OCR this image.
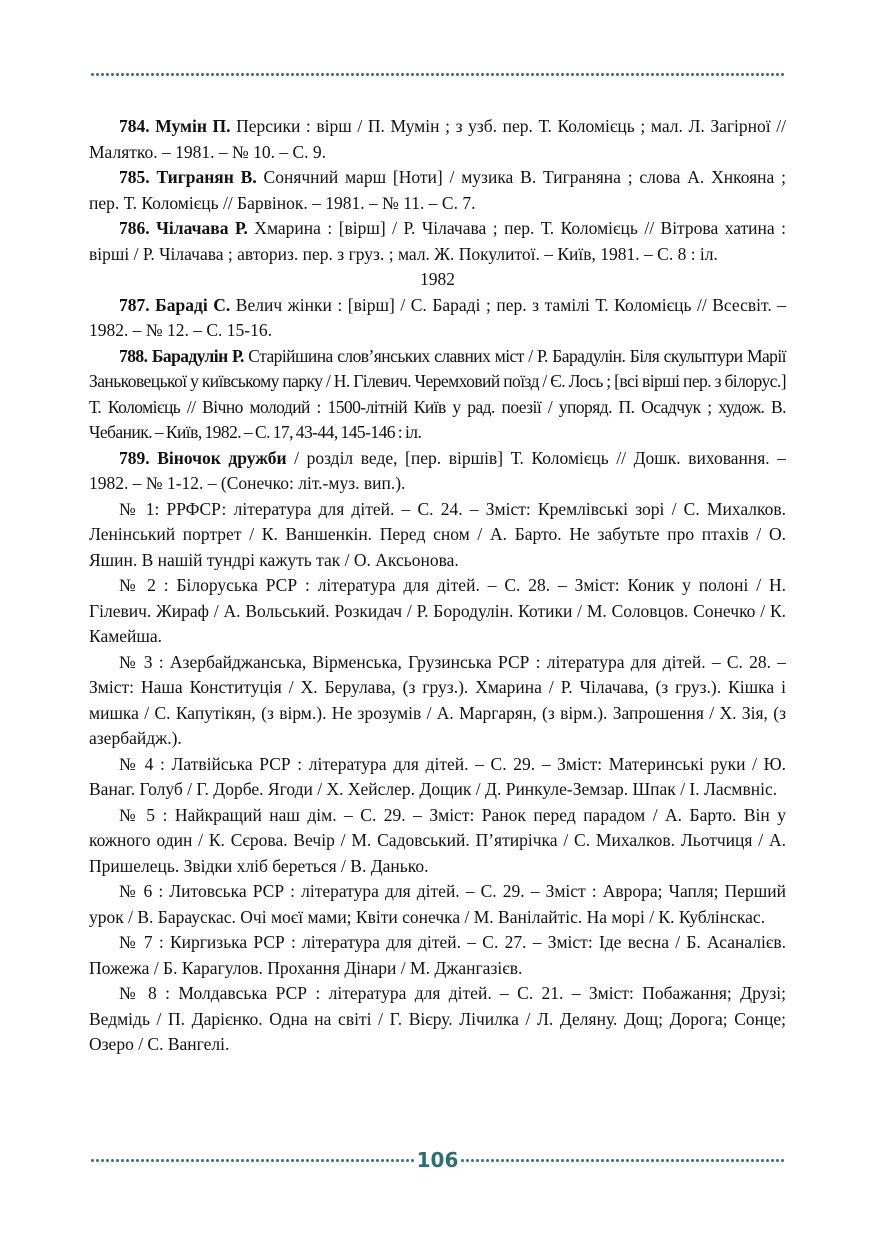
784. Мумін П. Персики : вірш / П. Мумін ; з узб. пер. Т. Коломієць ; мал. Л. Загірної // Малятко. – 1981. – № 10. – С. 9.

785. Тигранян В. Сонячний марш [Ноти] / музика В. Тиграняна ; слова А. Хнкояна ; пер. Т. Коломієць // Барвінок. – 1981. – № 11. – С. 7.

786. Чілачава Р. Хмарина : [вірш] / Р. Чілачава ; пер. Т. Коломієць // Вітрова хатина : вірші / Р. Чілачава ; авториз. пер. з груз. ; мал. Ж. Покулитої. – Київ, 1981. – С. 8 : іл.

1982

787. Бараді С. Велич жінки : [вірш] / С. Бараді ; пер. з тамілі Т. Коломієць // Всесвіт. – 1982. – № 12. – С. 15-16.

788. Барадулін Р. Старійшина слов’янських славних міст / Р. Барадулін. Біля скульптури Марії Заньковецької у київському парку / Н. Гілевич. Черемховий поїзд / Є. Лось ; [всі вірші пер. з білорус.] Т. Коломієць // Вічно молодий : 1500-літній Київ у рад. поезії / упоряд. П. Осадчук ; худож. В. Чебаник. – Київ, 1982. – С. 17, 43-44, 145-146 : іл.

789. Віночок дружби / розділ веде, [пер. віршів] Т. Коломієць // Дошк. виховання. – 1982. – № 1-12. – (Сонечко: літ.-муз. вип.).

№ 1: РРФСР: література для дітей. – С. 24. – Зміст: Кремлівські зорі / С. Михалков. Ленінський портрет / К. Ваншенкін. Перед сном / А. Барто. Не забутьте про птахів / О. Яшин. В нашій тундрі кажуть так / О. Аксьонова.

№ 2 : Білоруська РСР : література для дітей. – С. 28. – Зміст: Коник у полоні / Н. Гілевич. Жираф / А. Вольський. Розкидач / Р. Бородулін. Котики / М. Соловцов. Сонечко / К. Камейша.

№ 3 : Азербайджанська, Вірменська, Грузинська РСР : література для дітей. – С. 28. – Зміст: Наша Конституція / Х. Берулава, (з груз.). Хмарина / Р. Чілачава, (з груз.). Кішка і мишка / С. Капутікян, (з вірм.). Не зрозумів / А. Маргарян, (з вірм.). Запрошення / Х. Зія, (з азербайдж.).

№ 4 : Латвійська РСР : література для дітей. – С. 29. – Зміст: Материнські руки / Ю. Ванаг. Голуб / Г. Дорбе. Ягоди / Х. Хейслер. Дощик / Д. Ринкуле-Земзар. Шпак / І. Ласмвніс.

№ 5 : Найкращий наш дім. – С. 29. – Зміст: Ранок перед парадом / А. Барто. Він у кожного один / К. Сєрова. Вечір / М. Садовський. П’ятирічка / С. Михалков. Льотчиця / А. Пришелець. Звідки хліб береться / В. Данько.

№ 6 : Литовська РСР : література для дітей. – С. 29. – Зміст : Аврора; Чапля; Перший урок / В. Бараускас. Очі моєї мами; Квіти сонечка / М. Ванілайтіс. На морі / К. Кублінскас.

№ 7 : Киргизька РСР : література для дітей. – С. 27. – Зміст: Іде весна / Б. Асаналієв. Пожежа / Б. Карагулов. Прохання Дінари / М. Джангазієв.

№ 8 : Молдавська РСР : література для дітей. – С. 21. – Зміст: Побажання; Друзі; Ведмідь / П. Дарієнко. Одна на світі / Г. Вієру. Лічилка / Л. Деляну. Дощ; Дорога; Сонце; Озеро / С. Вангелі.

106
